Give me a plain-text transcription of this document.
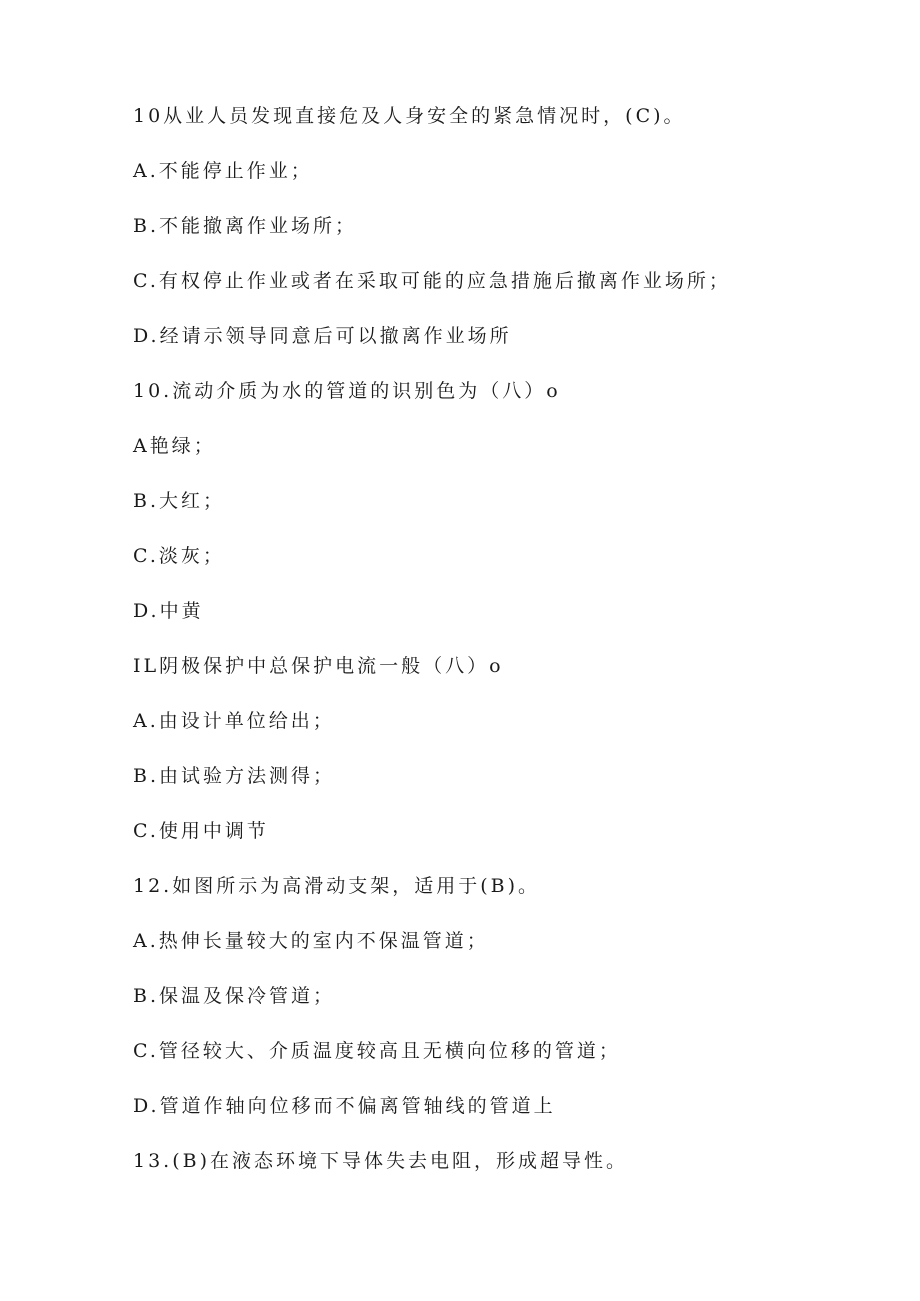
10从业人员发现直接危及人身安全的紧急情况时，(C)。
A.不能停止作业；
B.不能撤离作业场所；
C.有权停止作业或者在采取可能的应急措施后撤离作业场所；
D.经请示领导同意后可以撤离作业场所
10.流动介质为水的管道的识别色为（八）o
A艳绿；
B.大红；
C.淡灰；
D.中黄
IL阴极保护中总保护电流一般（八）o
A.由设计单位给出；
B.由试验方法测得；
C.使用中调节
12.如图所示为高滑动支架，适用于(B)。
A.热伸长量较大的室内不保温管道；
B.保温及保冷管道；
C.管径较大、介质温度较高且无横向位移的管道；
D.管道作轴向位移而不偏离管轴线的管道上
13.(B)在液态环境下导体失去电阻，形成超导性。
